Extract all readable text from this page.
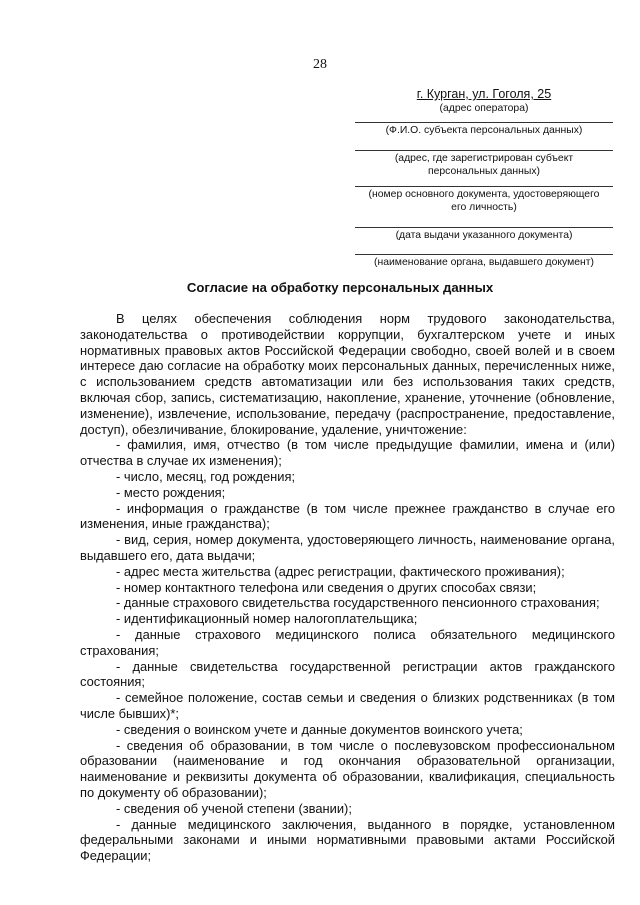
28
г. Курган, ул. Гоголя, 25
(адрес оператора)
(Ф.И.О. субъекта персональных данных)
(адрес, где зарегистрирован субъект персональных данных)
(номер основного документа, удостоверяющего его личность)
(дата выдачи указанного документа)
(наименование органа, выдавшего документ)
Согласие на обработку персональных данных

В целях обеспечения соблюдения норм трудового законодательства, законодательства о противодействии коррупции, бухгалтерском учете и иных нормативных правовых актов Российской Федерации свободно, своей волей и в своем интересе даю согласие на обработку моих персональных данных, перечисленных ниже, с использованием средств автоматизации или без использования таких средств, включая сбор, запись, систематизацию, накопление, хранение, уточнение (обновление, изменение), извлечение, использование, передачу (распространение, предоставление, доступ), обезличивание, блокирование, удаление, уничтожение:

- фамилия, имя, отчество (в том числе предыдущие фамилии, имена и (или) отчества в случае их изменения);

- число, месяц, год рождения;

- место рождения;

- информация о гражданстве (в том числе прежнее гражданство в случае его изменения, иные гражданства);

- вид, серия, номер документа, удостоверяющего личность, наименование органа, выдавшего его, дата выдачи;

- адрес места жительства (адрес регистрации, фактического проживания);

- номер контактного телефона или сведения о других способах связи;

- данные страхового свидетельства государственного пенсионного страхования;

- идентификационный номер налогоплательщика;

- данные страхового медицинского полиса обязательного медицинского страхования;

- данные свидетельства государственной регистрации актов гражданского состояния;

- семейное положение, состав семьи и сведения о близких родственниках (в том числе бывших)*;

- сведения о воинском учете и данные документов воинского учета;

- сведения об образовании, в том числе о послевузовском профессиональном образовании (наименование и год окончания образовательной организации, наименование и реквизиты документа об образовании, квалификация, специальность по документу об образовании);

- сведения об ученой степени (звании);

- данные медицинского заключения, выданного в порядке, установленном федеральными законами и иными нормативными правовыми актами Российской Федерации;
